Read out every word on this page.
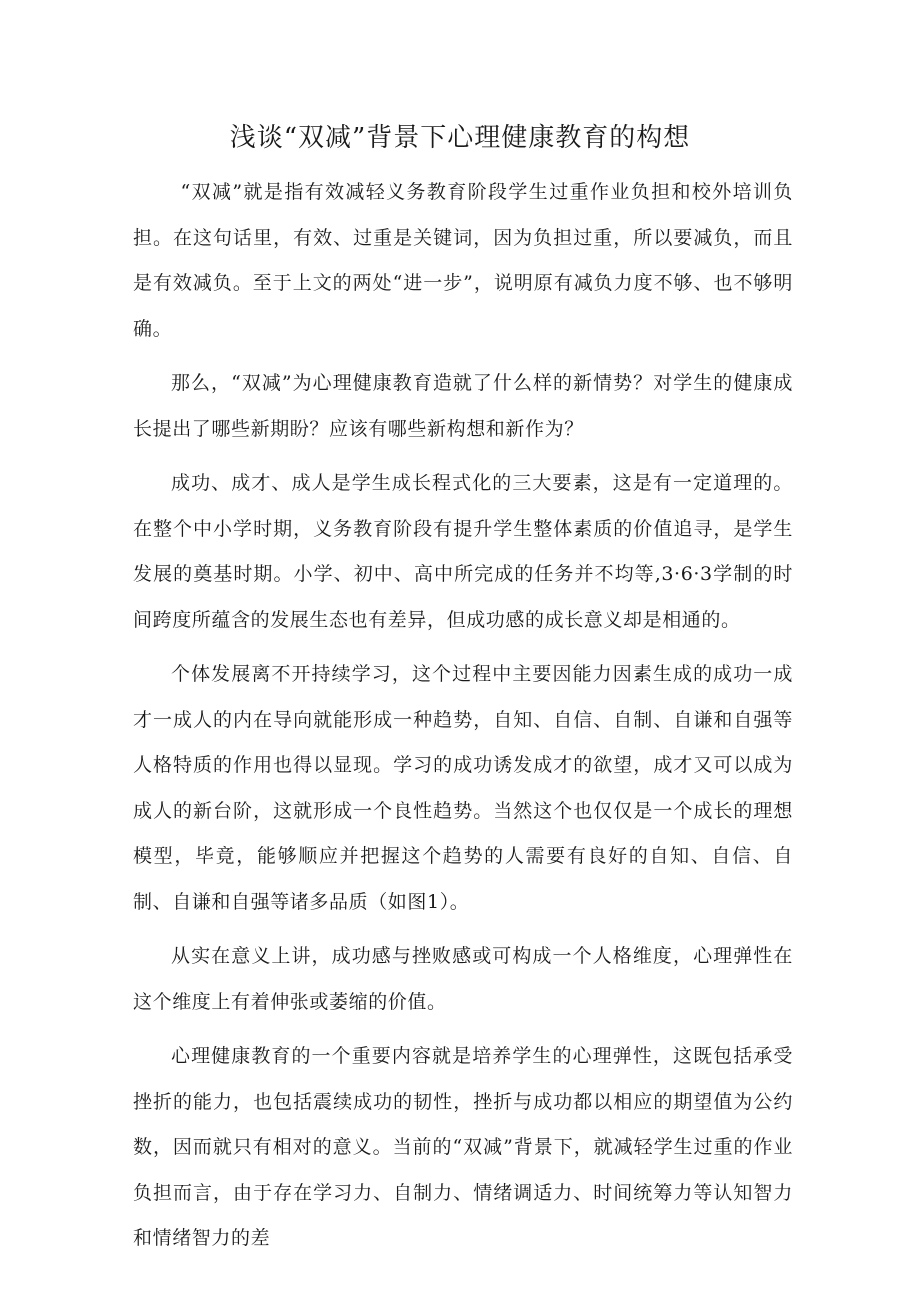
浅谈“双减”背景下心理健康教育的构想

“双减”就是指有效减轻义务教育阶段学生过重作业负担和校外培训负担。在这句话里，有效、过重是关键词，因为负担过重，所以要减负，而且是有效减负。至于上文的两处“进一步”，说明原有减负力度不够、也不够明确。

那么，“双减”为心理健康教育造就了什么样的新情势？对学生的健康成长提出了哪些新期盼？应该有哪些新构想和新作为？

成功、成才、成人是学生成长程式化的三大要素，这是有一定道理的。在整个中小学时期，义务教育阶段有提升学生整体素质的价值追寻，是学生发展的奠基时期。小学、初中、高中所完成的任务并不均等,3·6·3学制的时间跨度所蕴含的发展生态也有差异，但成功感的成长意义却是相通的。

个体发展离不开持续学习，这个过程中主要因能力因素生成的成功一成才一成人的内在导向就能形成一种趋势，自知、自信、自制、自谦和自强等人格特质的作用也得以显现。学习的成功诱发成才的欲望，成才又可以成为成人的新台阶，这就形成一个良性趋势。当然这个也仅仅是一个成长的理想模型，毕竟，能够顺应并把握这个趋势的人需要有良好的自知、自信、自制、自谦和自强等诸多品质（如图1）。

从实在意义上讲，成功感与挫败感或可构成一个人格维度，心理弹性在这个维度上有着伸张或萎缩的价值。

心理健康教育的一个重要内容就是培养学生的心理弹性，这既包括承受挫折的能力，也包括震续成功的韧性，挫折与成功都以相应的期望值为公约数，因而就只有相对的意义。当前的“双减”背景下，就减轻学生过重的作业负担而言，由于存在学习力、自制力、情绪调适力、时间统筹力等认知智力和情绪智力的差
